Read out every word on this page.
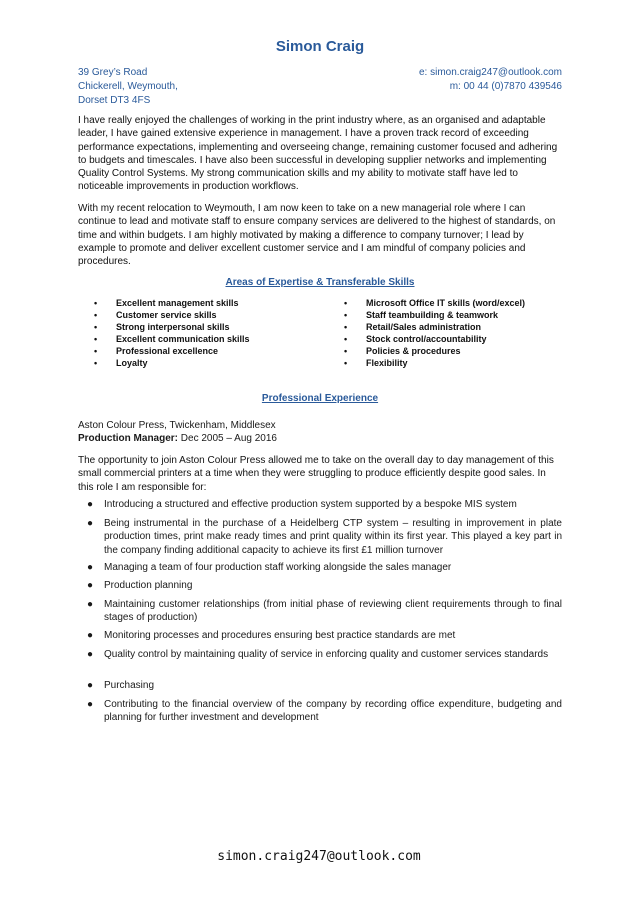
Simon Craig
39 Grey’s Road
Chickerell, Weymouth,
Dorset DT3 4FS
e: simon.craig247@outlook.com
m: 00 44 (0)7870 439546
I have really enjoyed the challenges of working in the print industry where, as an organised and adaptable leader, I have gained extensive experience in management. I have a proven track record of exceeding performance expectations, implementing and overseeing change, remaining customer focused and adhering to budgets and timescales. I have also been successful in developing supplier networks and implementing Quality Control Systems. My strong communication skills and my ability to motivate staff have led to noticeable improvements in production workflows.
With my recent relocation to Weymouth, I am now keen to take on a new managerial role where I can continue to lead and motivate staff to ensure company services are delivered to the highest of standards, on time and within budgets. I am highly motivated by making a difference to company turnover; I lead by example to promote and deliver excellent customer service and I am mindful of company policies and procedures.
Areas of Expertise & Transferable Skills
• Excellent management skills
• Customer service skills
• Strong interpersonal skills
• Excellent communication skills
• Professional excellence
• Loyalty
• Microsoft Office IT skills (word/excel)
• Staff teambuilding & teamwork
• Retail/Sales administration
• Stock control/accountability
• Policies & procedures
• Flexibility
Professional Experience
Aston Colour Press, Twickenham, Middlesex
Production Manager: Dec 2005 – Aug 2016
The opportunity to join Aston Colour Press allowed me to take on the overall day to day management of this small commercial printers at a time when they were struggling to produce efficiently despite good sales. In this role I am responsible for:
● Introducing a structured and effective production system supported by a bespoke MIS system
● Being instrumental in the purchase of a Heidelberg CTP system – resulting in improvement in plate production times, print make ready times and print quality within its first year. This played a key part in the company finding additional capacity to achieve its first £1 million turnover
● Managing a team of four production staff working alongside the sales manager
● Production planning
● Maintaining customer relationships (from initial phase of reviewing client requirements through to final stages of production)
● Monitoring processes and procedures ensuring best practice standards are met
● Quality control by maintaining quality of service in enforcing quality and customer services standards
● Purchasing
● Contributing to the financial overview of the company by recording office expenditure, budgeting and planning for further investment and development
simon.craig247@outlook.com
